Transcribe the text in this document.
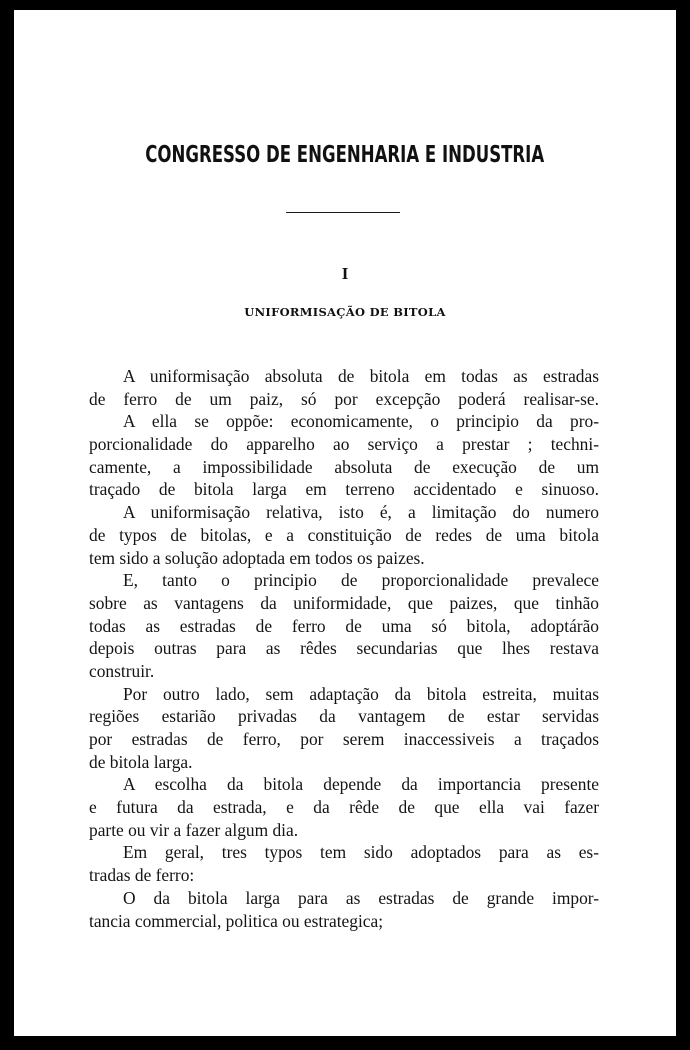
CONGRESSO DE ENGENHARIA E INDUSTRIA
I
UNIFORMISAÇÃO DE BITOLA
A uniformisação absoluta de bitola em todas as estradas
de ferro de um paiz, só por excepção poderá realisar-se.
A ella se oppõe: economicamente, o principio da pro-
porcionalidade do apparelho ao serviço a prestar ; techni-
camente, a impossibilidade absoluta de execução de um
traçado de bitola larga em terreno accidentado e sinuoso.
A uniformisação relativa, isto é, a limitação do numero
de typos de bitolas, e a constituição de redes de uma bitola
tem sido a solução adoptada em todos os paizes.
E, tanto o principio de proporcionalidade prevalece
sobre as vantagens da uniformidade, que paizes, que tinhão
todas as estradas de ferro de uma só bitola, adoptárão
depois outras para as rêdes secundarias que lhes restava
construir.
Por outro lado, sem adaptação da bitola estreita, muitas
regiões estarião privadas da vantagem de estar servidas
por estradas de ferro, por serem inaccessiveis a traçados
de bitola larga.
A escolha da bitola depende da importancia presente
e futura da estrada, e da rêde de que ella vai fazer
parte ou vir a fazer algum dia.
Em geral, tres typos tem sido adoptados para as es-
tradas de ferro:
O da bitola larga para as estradas de grande impor-
tancia commercial, politica ou estrategica;
